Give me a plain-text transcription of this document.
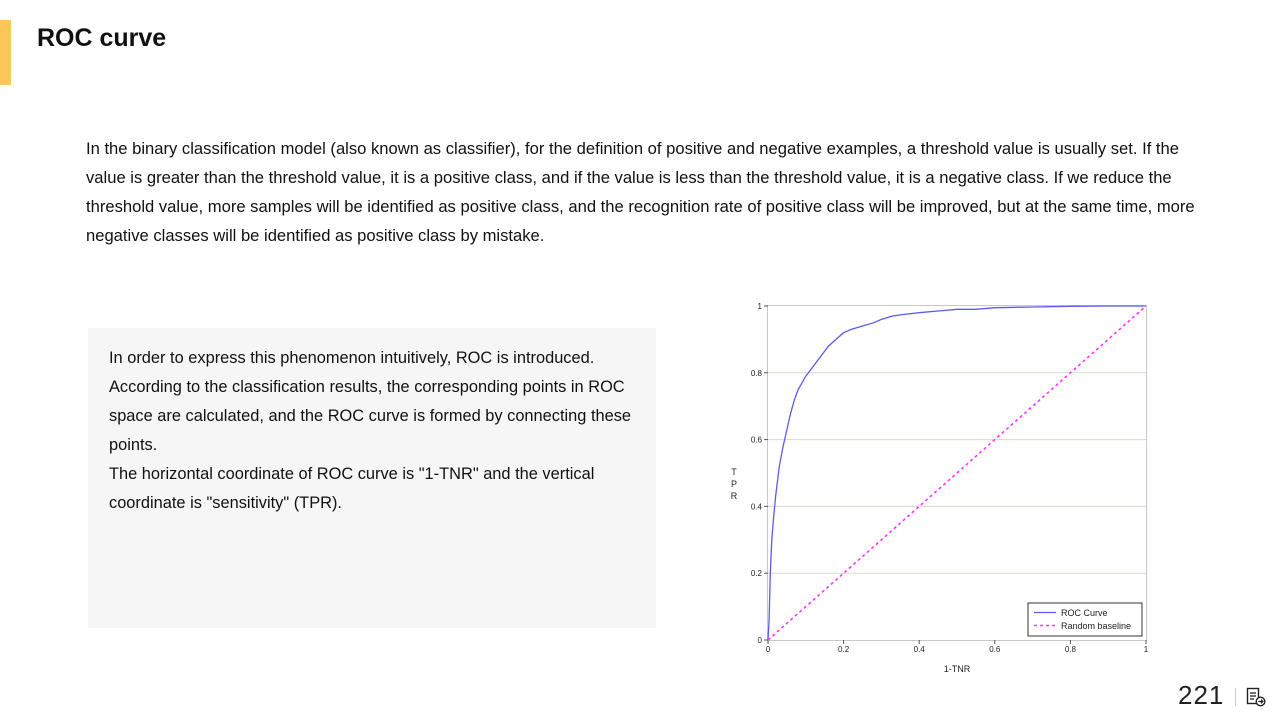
ROC curve
In the binary classification model (also known as classifier), for the definition of positive and negative examples, a threshold value is usually set. If the value is greater than the threshold value, it is a positive class, and if the value is less than the threshold value, it is a negative class. If we reduce the threshold value, more samples will be identified as positive class, and the recognition rate of positive class will be improved, but at the same time, more negative classes will be identified as positive class by mistake.

In order to express this phenomenon intuitively, ROC is introduced. According to the classification results, the corresponding points in ROC space are calculated, and the ROC curve is formed by connecting these points.

The horizontal coordinate of ROC curve is "1-TNR" and the vertical coordinate is "sensitivity" (TPR).

0
0.2
0.4
0.6
0.8
1
0	0.2	0.4	0.6	0.8	1
1-TNR
T P R
ROC Curve
Random baseline
221
